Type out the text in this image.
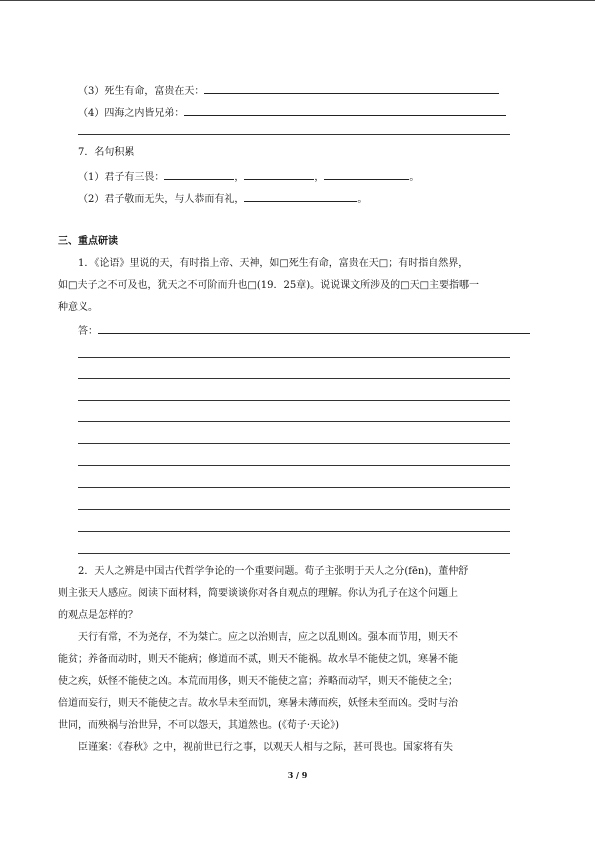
（3）死生有命，富贵在天：
（4）四海之内皆兄弟：
7．名句积累
（1）君子有三畏：	，	，	。
（2）君子敬而无失，与人恭而有礼，	。
三、重点研读
1．《论语》里说的天，有时指上帝、天神，如□死生有命，富贵在天□；有时指自然界，
如□夫子之不可及也，犹天之不可阶而升也□(19．25章)。说说课文所涉及的□天□主要指哪一
种意义。
答：
2．天人之辨是中国古代哲学争论的一个重要问题。荀子主张明于天人之分(fēn)，董仲舒
则主张天人感应。阅读下面材料，简要谈谈你对各自观点的理解。你认为孔子在这个问题上
的观点是怎样的？
天行有常，不为尧存，不为桀亡。应之以治则吉，应之以乱则凶。强本而节用，则天不
能贫；养备而动时，则天不能病；修道而不贰，则天不能祸。故水旱不能使之饥，寒暑不能
使之疾，妖怪不能使之凶。本荒而用侈，则天不能使之富；养略而动罕，则天不能使之全；
倍道而妄行，则天不能使之吉。故水旱未至而饥，寒暑未薄而疾，妖怪未至而凶。受时与治
世同，而殃祸与治世异，不可以怨天，其道然也。(《荀子·天论》)
臣谨案：《春秋》之中，视前世已行之事，以观天人相与之际，甚可畏也。国家将有失
3 / 9
